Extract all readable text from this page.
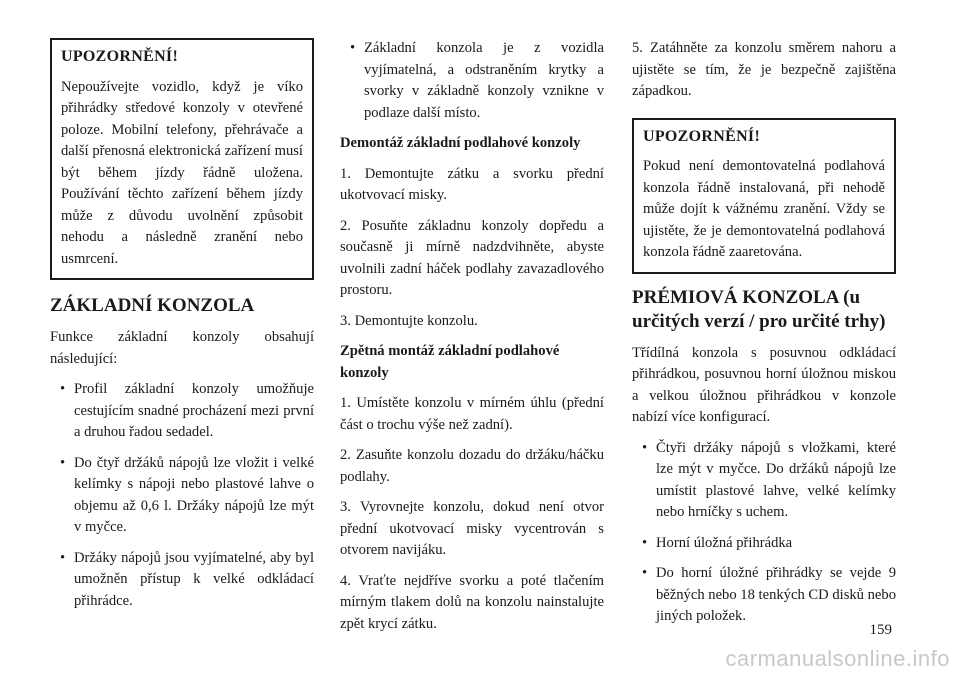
UPOZORNĚNÍ!

Nepoužívejte vozidlo, když je víko přihrádky středové konzoly v otevřené poloze. Mobilní telefony, přehrávače a další přenosná elektronická zařízení musí být během jízdy řádně uložena. Používání těchto zařízení během jízdy může z důvodu uvolnění způsobit nehodu a následně zranění nebo usmrcení.

ZÁKLADNÍ KONZOLA

Funkce základní konzoly obsahují následující:

• Profil základní konzoly umožňuje cestujícím snadné procházení mezi první a druhou řadou sedadel.

• Do čtyř držáků nápojů lze vložit i velké kelímky s nápoji nebo plastové lahve o objemu až 0,6 l. Držáky nápojů lze mýt v myčce.

• Držáky nápojů jsou vyjímatelné, aby byl umožněn přístup k velké odkládací přihrádce.

• Základní konzola je z vozidla vyjímatelná, a odstraněním krytky a svorky v základně konzoly vznikne v podlaze další místo.

Demontáž základní podlahové konzoly

1. Demontujte zátku a svorku přední ukotvovací misky.

2. Posuňte základnu konzoly dopředu a současně ji mírně nadzdvihněte, abyste uvolnili zadní háček podlahy zavazadlového prostoru.

3. Demontujte konzolu.

Zpětná montáž základní podlahové konzoly

1. Umístěte konzolu v mírném úhlu (přední část o trochu výše než zadní).

2. Zasuňte konzolu dozadu do držáku/háčku podlahy.

3. Vyrovnejte konzolu, dokud není otvor přední ukotvovací misky vycentrován s otvorem navijáku.

4. Vraťte nejdříve svorku a poté tlačením mírným tlakem dolů na konzolu nainstalujte zpět krycí zátku.

5. Zatáhněte za konzolu směrem nahoru a ujistěte se tím, že je bezpečně zajištěna západkou.

UPOZORNĚNÍ!

Pokud není demontovatelná podlahová konzola řádně instalovaná, při nehodě může dojít k vážnému zranění. Vždy se ujistěte, že je demontovatelná podlahová konzola řádně zaaretována.

PRÉMIOVÁ KONZOLA (u určitých verzí / pro určité trhy)

Třídílná konzola s posuvnou odkládací přihrádkou, posuvnou horní úložnou miskou a velkou úložnou přihrádkou v konzole nabízí více konfigurací.

• Čtyři držáky nápojů s vložkami, které lze mýt v myčce. Do držáků nápojů lze umístit plastové lahve, velké kelímky nebo hrníčky s uchem.

• Horní úložná přihrádka

• Do horní úložné přihrádky se vejde 9 běžných nebo 18 tenkých CD disků nebo jiných položek.

159
carmanualsonline.info
